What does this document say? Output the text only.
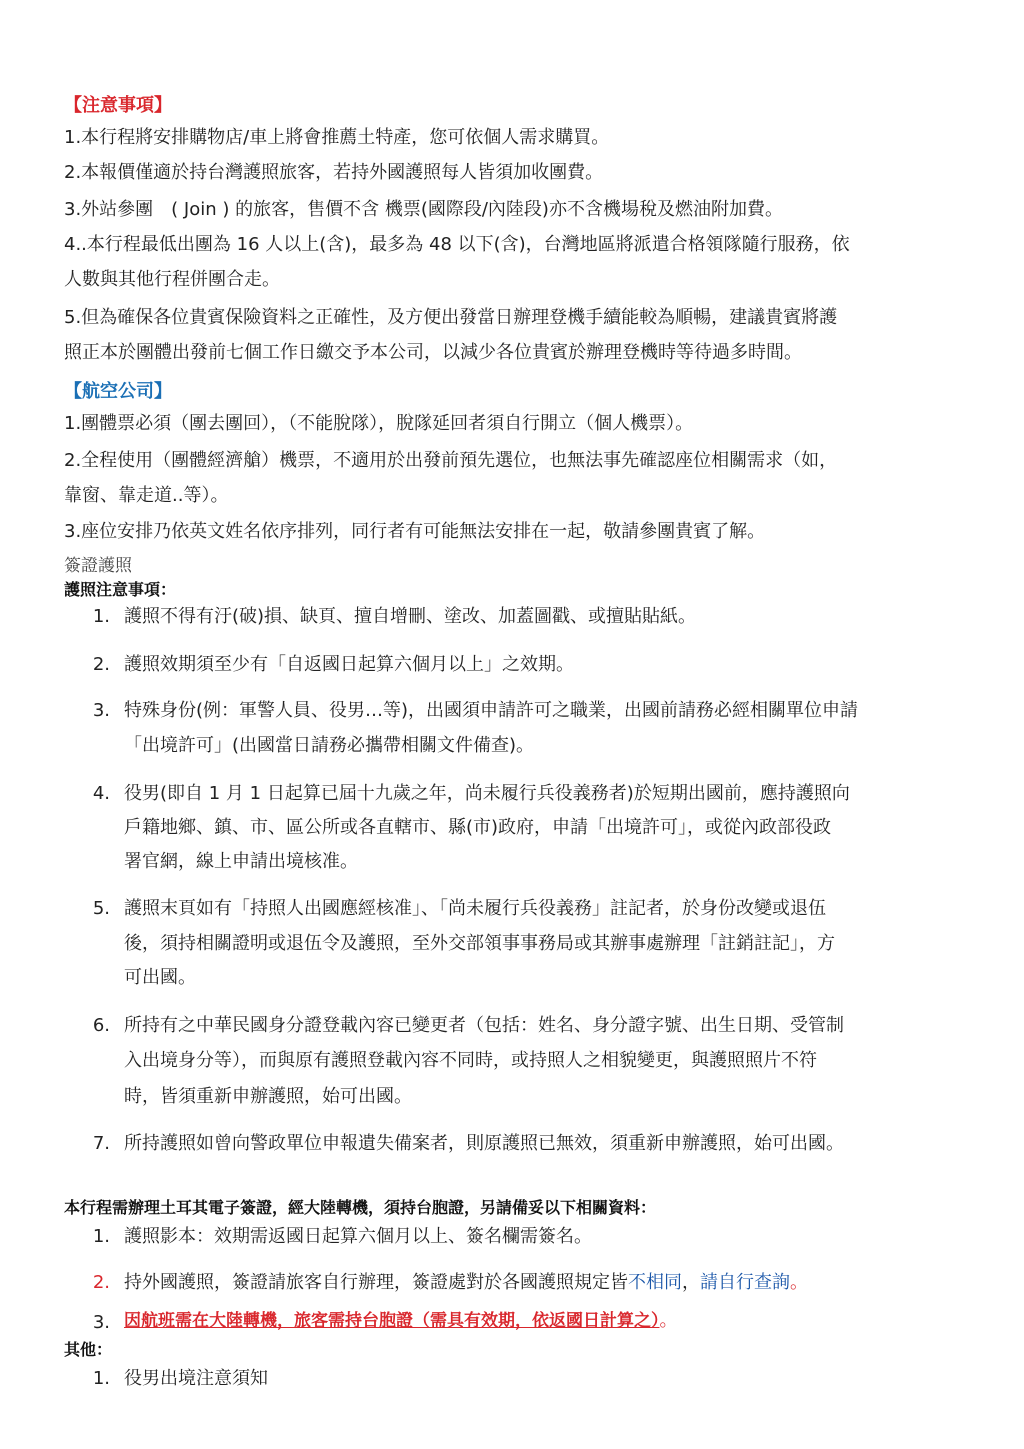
【注意事項】
1.本行程將安排購物店/車上將會推薦土特產，您可依個人需求購買。
2.本報價僅適於持台灣護照旅客，若持外國護照每人皆須加收團費。
3.外站參團　( Join ) 的旅客，售價不含 機票(國際段/內陸段)亦不含機場稅及燃油附加費。
4..本行程最低出團為 16 人以上(含)，最多為 48 以下(含)，台灣地區將派遣合格領隊隨行服務，依
人數與其他行程併團合走。
5.但為確保各位貴賓保險資料之正確性，及方便出發當日辦理登機手續能較為順暢，建議貴賓將護
照正本於團體出發前七個工作日繳交予本公司，以減少各位貴賓於辦理登機時等待過多時間。
【航空公司】
1.團體票必須（團去團回），（不能脫隊），脫隊延回者須自行開立（個人機票）。
2.全程使用（團體經濟艙）機票，不適用於出發前預先選位，也無法事先確認座位相關需求（如，
靠窗、靠走道..等）。
3.座位安排乃依英文姓名依序排列，同行者有可能無法安排在一起，敬請參團貴賓了解。
簽證護照
護照注意事項：
1. 護照不得有汙(破)損、缺頁、擅自增刪、塗改、加蓋圖戳、或擅貼貼紙。
2. 護照效期須至少有「自返國日起算六個月以上」之效期。
3. 特殊身份(例：軍警人員、役男…等)，出國須申請許可之職業，出國前請務必經相關單位申請
「出境許可」(出國當日請務必攜帶相關文件備查)。
4. 役男(即自 1 月 1 日起算已屆十九歲之年，尚未履行兵役義務者)於短期出國前，應持護照向
戶籍地鄉、鎮、市、區公所或各直轄市、縣(市)政府，申請「出境許可」，或從內政部役政
署官網，線上申請出境核准。
5. 護照末頁如有「持照人出國應經核准」、「尚未履行兵役義務」註記者，於身份改變或退伍
後，須持相關證明或退伍令及護照，至外交部領事事務局或其辦事處辦理「註銷註記」，方
可出國。
6. 所持有之中華民國身分證登載內容已變更者（包括：姓名、身分證字號、出生日期、受管制
入出境身分等），而與原有護照登載內容不同時，或持照人之相貌變更，與護照照片不符
時，皆須重新申辦護照，始可出國。
7. 所持護照如曾向警政單位申報遺失備案者，則原護照已無效，須重新申辦護照，始可出國。
本行程需辦理土耳其電子簽證，經大陸轉機，須持台胞證，另請備妥以下相關資料：
1. 護照影本：效期需返國日起算六個月以上、簽名欄需簽名。
2. 持外國護照，簽證請旅客自行辦理，簽證處對於各國護照規定皆不相同，請自行查詢。
3. 因航班需在大陸轉機，旅客需持台胞證（需具有效期，依返國日計算之）。
其他：
1. 役男出境注意須知
